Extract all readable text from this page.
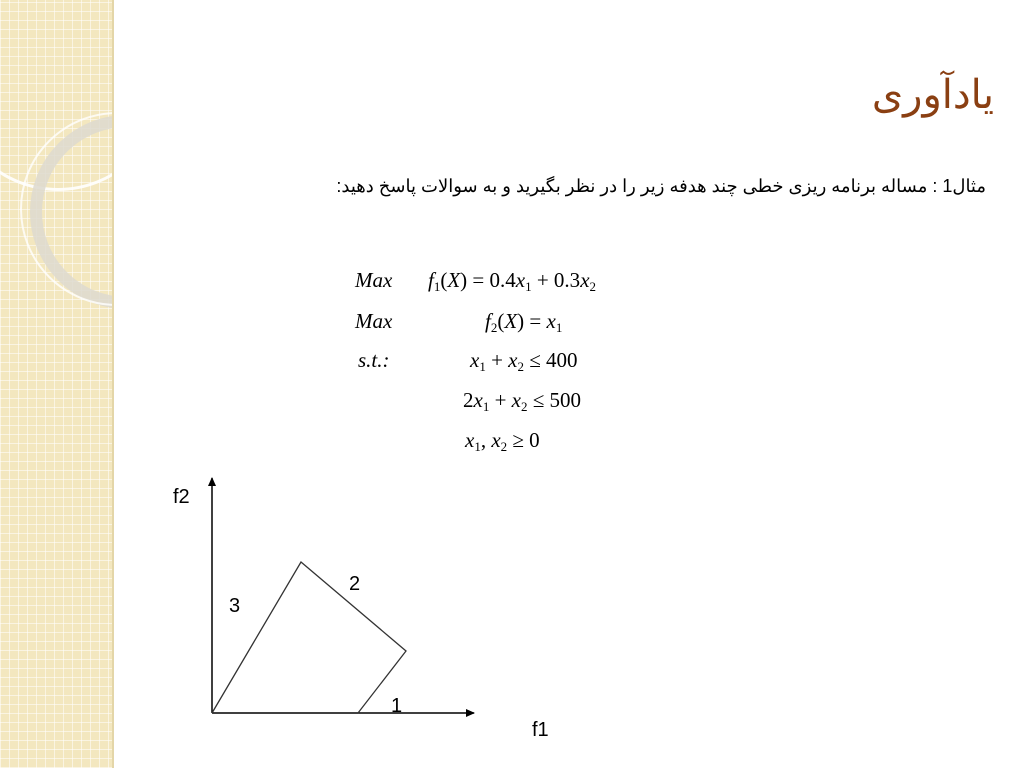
یادآوری
مثال1 : مساله برنامه ریزی خطی چند هدفه زیر را در نظر بگیرید و به سوالات پاسخ دهید:
Max $f_1(X) = 0.4x_1 + 0.3x_2$
Max	$f_2(X) = x_1$
s.t.:	$x_1 + x_2 \le 400$
$2x_1 + x_2 \le 500$
$x_1$, $x_2 \ge 0$
f2
f1
1
2
3
